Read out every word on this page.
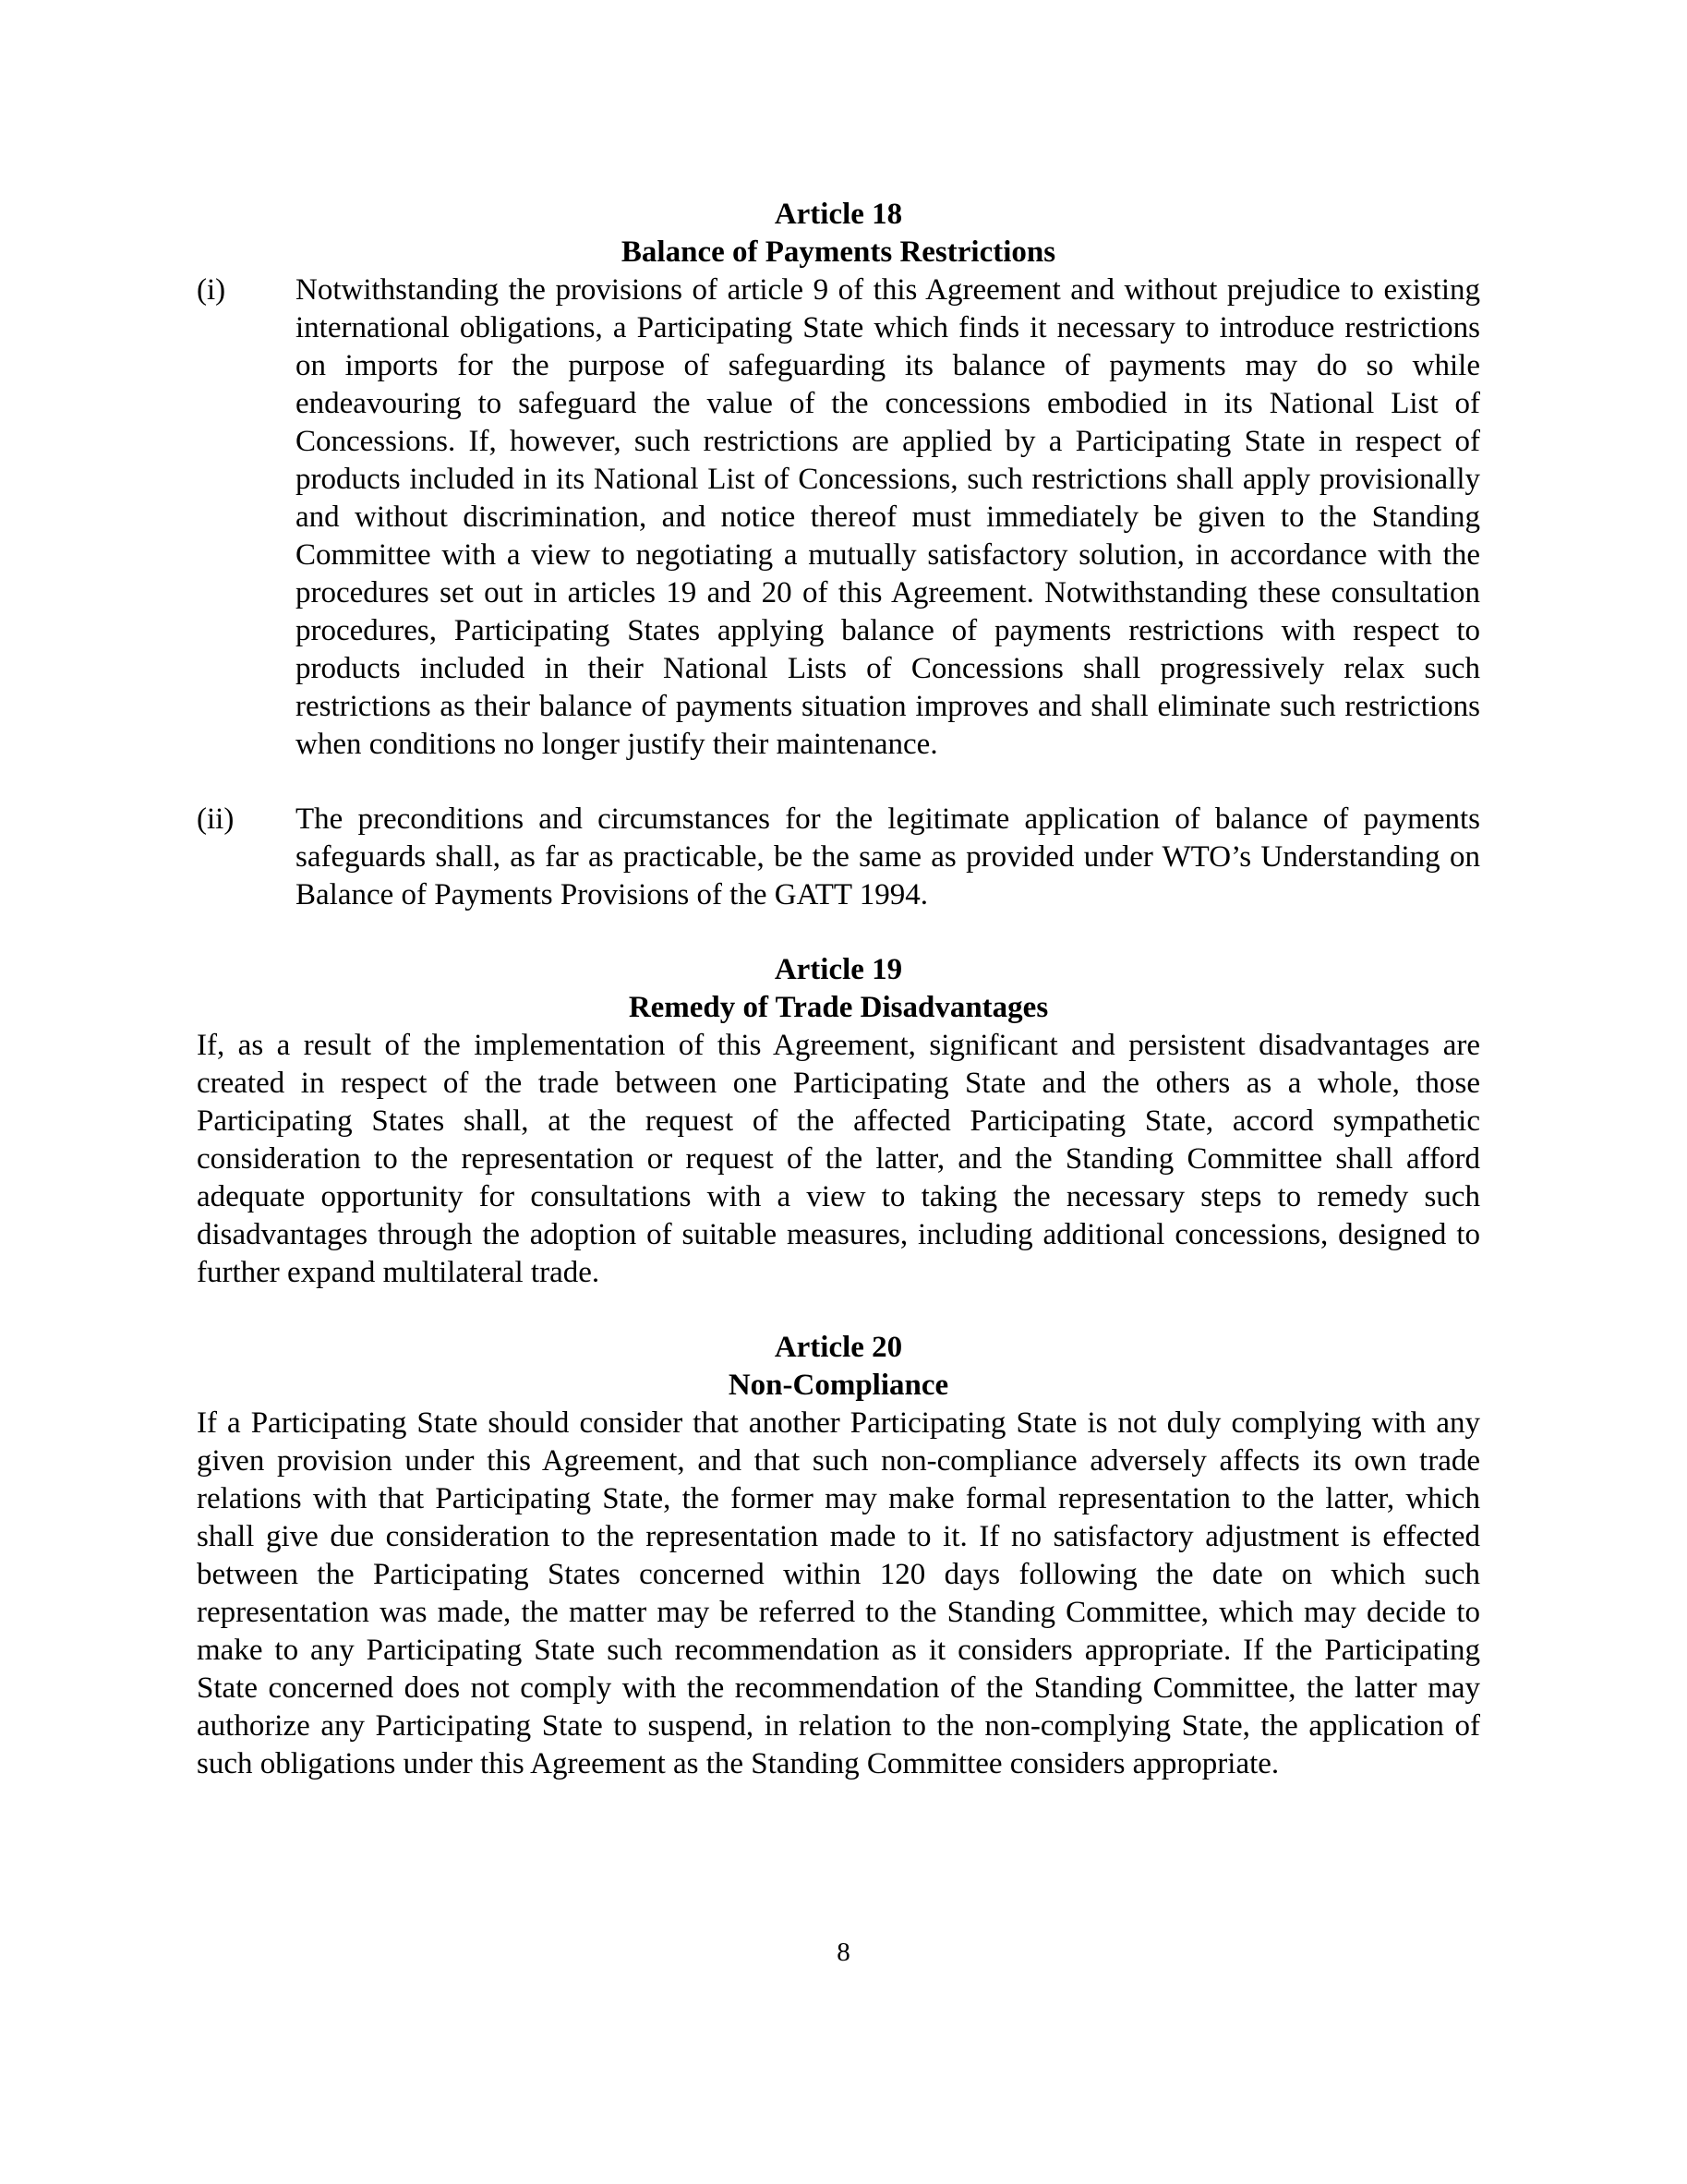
Article 18
Balance of Payments Restrictions
(i)	Notwithstanding the provisions of article 9 of this Agreement and without prejudice to existing international obligations, a Participating State which finds it necessary to introduce restrictions on imports for the purpose of safeguarding its balance of payments may do so while endeavouring to safeguard the value of the concessions embodied in its National List of Concessions. If, however, such restrictions are applied by a Participating State in respect of products included in its National List of Concessions, such restrictions shall apply provisionally and without discrimination, and notice thereof must immediately be given to the Standing Committee with a view to negotiating a mutually satisfactory solution, in accordance with the procedures set out in articles 19 and 20 of this Agreement. Notwithstanding these consultation procedures, Participating States applying balance of payments restrictions with respect to products included in their National Lists of Concessions shall progressively relax such restrictions as their balance of payments situation improves and shall eliminate such restrictions when conditions no longer justify their maintenance.

(ii)	The preconditions and circumstances for the legitimate application of balance of payments safeguards shall, as far as practicable, be the same as provided under WTO’s Understanding on Balance of Payments Provisions of the GATT 1994.

Article 19
Remedy of Trade Disadvantages

If, as a result of the implementation of this Agreement, significant and persistent disadvantages are created in respect of the trade between one Participating State and the others as a whole, those Participating States shall, at the request of the affected Participating State, accord sympathetic consideration to the representation or request of the latter, and the Standing Committee shall afford adequate opportunity for consultations with a view to taking the necessary steps to remedy such disadvantages through the adoption of suitable measures, including additional concessions, designed to further expand multilateral trade.

Article 20
Non-Compliance

If a Participating State should consider that another Participating State is not duly complying with any given provision under this Agreement, and that such non-compliance adversely affects its own trade relations with that Participating State, the former may make formal representation to the latter, which shall give due consideration to the representation made to it. If no satisfactory adjustment is effected between the Participating States concerned within 120 days following the date on which such representation was made, the matter may be referred to the Standing Committee, which may decide to make to any Participating State such recommendation as it considers appropriate. If the Participating State concerned does not comply with the recommendation of the Standing Committee, the latter may authorize any Participating State to suspend, in relation to the non-complying State, the application of such obligations under this Agreement as the Standing Committee considers appropriate.

8
